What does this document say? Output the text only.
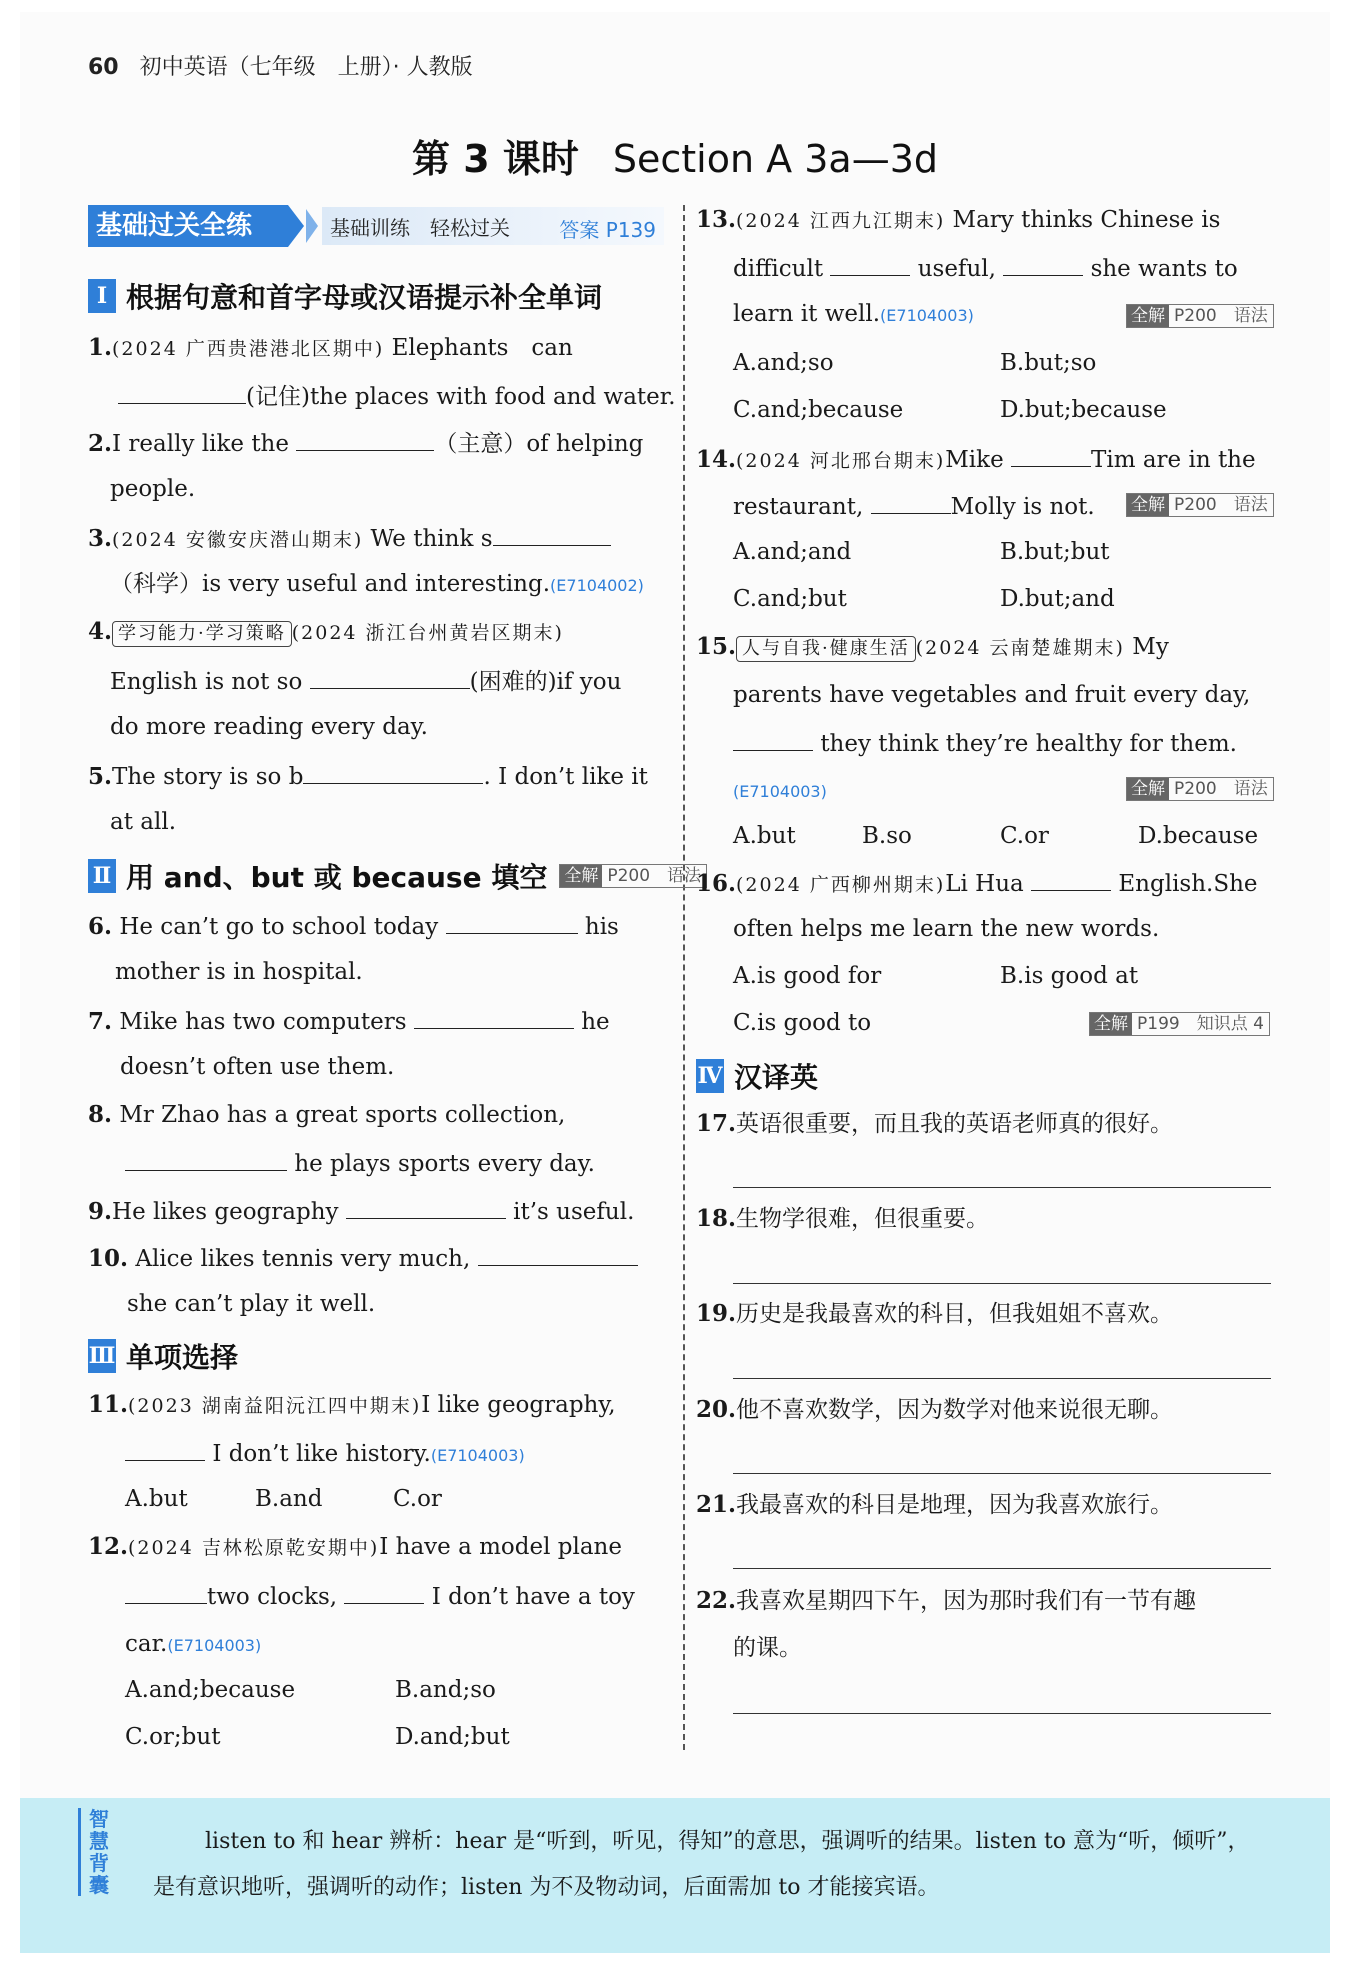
60 初中英语（七年级　上册）· 人教版
第 3 课时 Section A 3a—3d
基础过关全练	基础训练　轻松过关 答案 P139
Ⅰ 根据句意和首字母或汉语提示补全单词
1.(2024 广西贵港港北区期中) Elephants　can
(记住)the places with food and water.
2.I really like the	（主意）of helping
people.
3.(2024 安徽安庆潜山期末) We think s
（科学）is very useful and interesting.(E7104002)
4. 学习能力·学习策略 (2024 浙江台州黄岩区期末)
English is not so	(困难的)if you
do more reading every day.
5.The story is so b	. I don’t like it
at all.
Ⅱ 用 and、but 或 because 填空 全解 P200　语法
6. He can’t go to school today	his
mother is in hospital.
7. Mike has two computers	he
doesn’t often use them.
8. Mr Zhao has a great sports collection,
he plays sports every day.
9.He likes geography	it’s useful.
10. Alice likes tennis very much,
she can’t play it well.
Ⅲ 单项选择
11.(2023 湖南益阳沅江四中期末)I like geography,
I don’t like history.(E7104003)
A.but	B.and	C.or
12.(2024 吉林松原乾安期中)I have a model plane
two clocks,	I don’t have a toy
car.(E7104003)
A.and;because	B.and;so
C.or;but	D.and;but
13.(2024 江西九江期末) Mary thinks Chinese is
difficult	useful,	she wants to
learn it well.(E7104003)	全解 P200　语法
A.and;so	B.but;so
C.and;because	D.but;because
14.(2024 河北邢台期末)Mike	Tim are in the
restaurant,	Molly is not. 全解 P200　语法
A.and;and	B.but;but
C.and;but	D.but;and
15. 人与自我·健康生活 (2024 云南楚雄期末) My
parents have vegetables and fruit every day,
they think they’re healthy for them.
(E7104003)	全解 P200　语法
A.but	B.so	C.or	D.because
16.(2024 广西柳州期末)Li Hua	English.She
often helps me learn the new words.
A.is good for	B.is good at
C.is good to	全解 P199　知识点 4
Ⅳ 汉译英
17.英语很重要，而且我的英语老师真的很好。
18.生物学很难，但很重要。
19.历史是我最喜欢的科目，但我姐姐不喜欢。
20.他不喜欢数学，因为数学对他来说很无聊。
21.我最喜欢的科目是地理，因为我喜欢旅行。
22.我喜欢星期四下午，因为那时我们有一节有趣
的课。
智慧背囊
listen to 和 hear 辨析：hear 是“听到，听见，得知”的意思，强调听的结果。listen to 意为“听，倾听”，
是有意识地听，强调听的动作；listen 为不及物动词，后面需加 to 才能接宾语。
